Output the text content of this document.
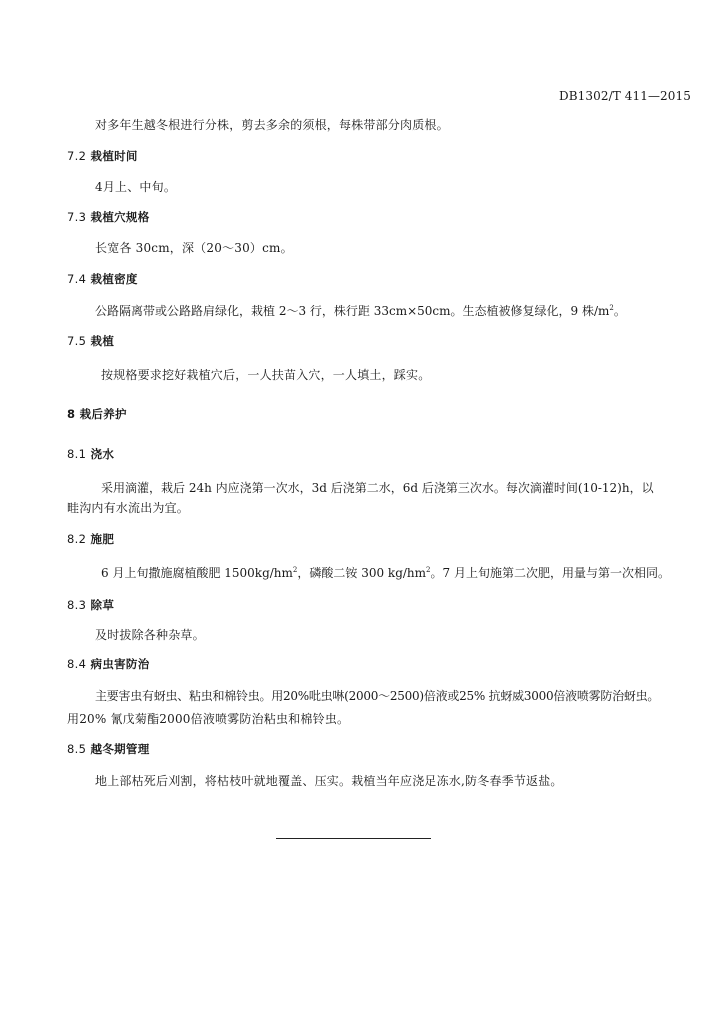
DB1302/T 411—2015
对多年生越冬根进行分株，剪去多余的须根，每株带部分肉质根。
7.2 栽植时间
4月上、中旬。
7.3 栽植穴规格
长宽各 30cm，深（20～30）cm。
7.4 栽植密度
公路隔离带或公路路肩绿化，栽植 2～3 行，株行距 33cm×50cm。生态植被修复绿化，9 株$/m^2$。
7.5 栽植
按规格要求挖好栽植穴后，一人扶苗入穴，一人填土，踩实。
8 栽后养护
8.1 浇水
采用滴灌，栽后 24h 内应浇第一次水，3d 后浇第二水，6d 后浇第三次水。每次滴灌时间(10-12)h，以
畦沟内有水流出为宜。
8.2 施肥
6 月上旬撒施腐植酸肥 $1500kg/hm^2$，磷酸二铵 300 $kg/hm^2$。7 月上旬施第二次肥，用量与第一次相同。
8.3 除草
及时拔除各种杂草。
8.4 病虫害防治
主要害虫有蚜虫、粘虫和棉铃虫。用20%吡虫啉(2000～2500)倍液或25% 抗蚜威3000倍液喷雾防治蚜虫。
用20% 氰戊菊酯2000倍液喷雾防治粘虫和棉铃虫。
8.5 越冬期管理
地上部枯死后刈割，将枯枝叶就地覆盖、压实。栽植当年应浇足冻水,防冬春季节返盐。
